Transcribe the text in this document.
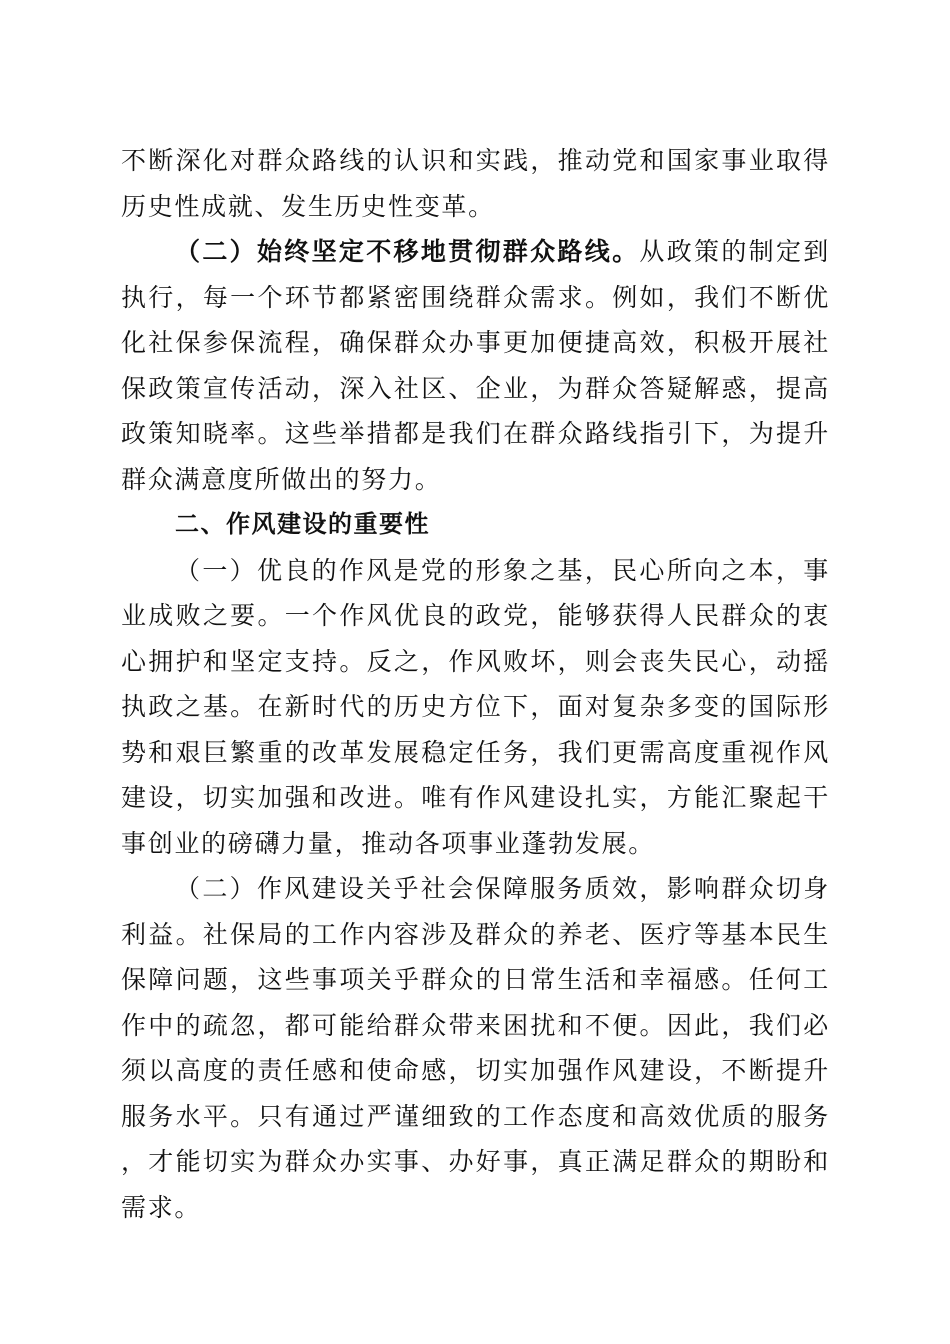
不断深化对群众路线的认识和实践，推动党和国家事业取得历史性成就、发生历史性变革。

（二）始终坚定不移地贯彻群众路线。从政策的制定到执行，每一个环节都紧密围绕群众需求。例如，我们不断优化社保参保流程，确保群众办事更加便捷高效，积极开展社保政策宣传活动，深入社区、企业，为群众答疑解惑，提高政策知晓率。这些举措都是我们在群众路线指引下，为提升群众满意度所做出的努力。

二、作风建设的重要性

（一）优良的作风是党的形象之基，民心所向之本，事业成败之要。一个作风优良的政党，能够获得人民群众的衷心拥护和坚定支持。反之，作风败坏，则会丧失民心，动摇执政之基。在新时代的历史方位下，面对复杂多变的国际形势和艰巨繁重的改革发展稳定任务，我们更需高度重视作风建设，切实加强和改进。唯有作风建设扎实，方能汇聚起干事创业的磅礴力量，推动各项事业蓬勃发展。

（二）作风建设关乎社会保障服务质效，影响群众切身利益。社保局的工作内容涉及群众的养老、医疗等基本民生保障问题，这些事项关乎群众的日常生活和幸福感。任何工作中的疏忽，都可能给群众带来困扰和不便。因此，我们必须以高度的责任感和使命感，切实加强作风建设，不断提升服务水平。只有通过严谨细致的工作态度和高效优质的服务，才能切实为群众办实事、办好事，真正满足群众的期盼和需求。
